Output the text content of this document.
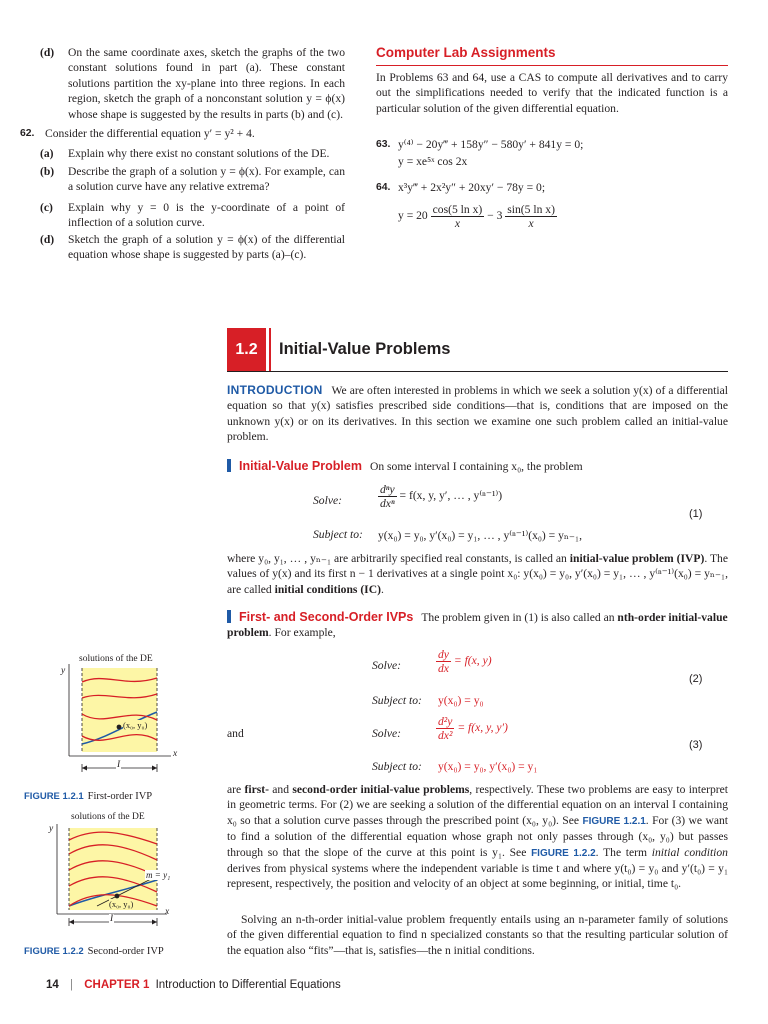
(d) On the same coordinate axes, sketch the graphs of the two constant solutions found in part (a). These constant solutions partition the xy-plane into three regions. In each region, sketch the graph of a nonconstant solution y = ϕ(x) whose shape is suggested by the results in parts (b) and (c).
62. Consider the differential equation y′ = y² + 4.
(a) Explain why there exist no constant solutions of the DE.
(b) Describe the graph of a solution y = ϕ(x). For example, can a solution curve have any relative extrema?
(c) Explain why y = 0 is the y-coordinate of a point of inflection of a solution curve.
(d) Sketch the graph of a solution y = ϕ(x) of the differential equation whose shape is suggested by parts (a)–(c).
Computer Lab Assignments
In Problems 63 and 64, use a CAS to compute all derivatives and to carry out the simplifications needed to verify that the indicated function is a particular solution of the given differential equation.
63. y⁽⁴⁾ − 20y‴ + 158y″ − 580y′ + 841y = 0;
y = xe⁵ˣ cos 2x
64. x³y‴ + 2x²y″ + 20xy′ − 78y = 0;
$y = 20 \frac{\text{cos(5 ln x)}}{x} - 3 \frac{\text{sin(5 ln x)}}{x}$
1.2	Initial-Value Problems
INTRODUCTION We are often interested in problems in which we seek a solution y(x) of a differential equation so that y(x) satisfies prescribed side conditions—that is, conditions that are imposed on the unknown y(x) or on its derivatives. In this section we examine one such problem called an initial-value problem.
Initial-Value Problem On some interval I containing x₀, the problem
Solve:	$\frac{\text{dⁿy}}{\text{dxⁿ}} = f(x$, y, y′, … , y⁽ⁿ⁻¹⁾)
Subject to: y(x₀) = y₀, y′(x₀) = y₁, … , y⁽ⁿ⁻¹⁾(x₀) = yₙ₋₁,
(1)
where y₀, y₁, … , yₙ₋₁ are arbitrarily specified real constants, is called an initial-value problem (IVP). The values of y(x) and its first n − 1 derivatives at a single point x₀: y(x₀) = y₀, y′(x₀) = y₁, … , y⁽ⁿ⁻¹⁾(x₀) = yₙ₋₁, are called initial conditions (IC).
First- and Second-Order IVPs The problem given in (1) is also called an nth-order initial-value problem. For example,
Solve:	$\frac{dy}{dx} = f(x$, y)
Subject to: y(x₀) = y₀
(2)
and	Solve:	$\frac{\text{d²y}}{\text{dx²}} = f(x$, y, y′)
Subject to: y(x₀) = y₀, y′(x₀) = y₁
(3)
are first- and second-order initial-value problems, respectively. These two problems are easy to interpret in geometric terms. For (2) we are seeking a solution of the differential equation on an interval I containing x₀ so that a solution curve passes through the prescribed point (x₀, y₀). See FIGURE 1.2.1. For (3) we want to find a solution of the differential equation whose graph not only passes through (x₀, y₀) but passes through so that the slope of the curve at this point is y₁. See FIGURE 1.2.2. The term initial condition derives from physical systems where the independent variable is time t and where y(t₀) = y₀ and y′(t₀) = y₁ represent, respectively, the position and velocity of an object at some beginning, or initial, time t₀.
Solving an n-th-order initial-value problem frequently entails using an n-parameter family of solutions of the given differential equation to find n specialized constants so that the resulting particular solution of the equation also “fits”—that is, satisfies—the n initial conditions.
solutions of the DE
y
x
(x₀, y₀)
I
FIGURE 1.2.1 First-order IVP
solutions of the DE
y
x
(x₀, y₀)
m = y₁
I
FIGURE 1.2.2 Second-order IVP
14 | CHAPTER 1 Introduction to Differential Equations
